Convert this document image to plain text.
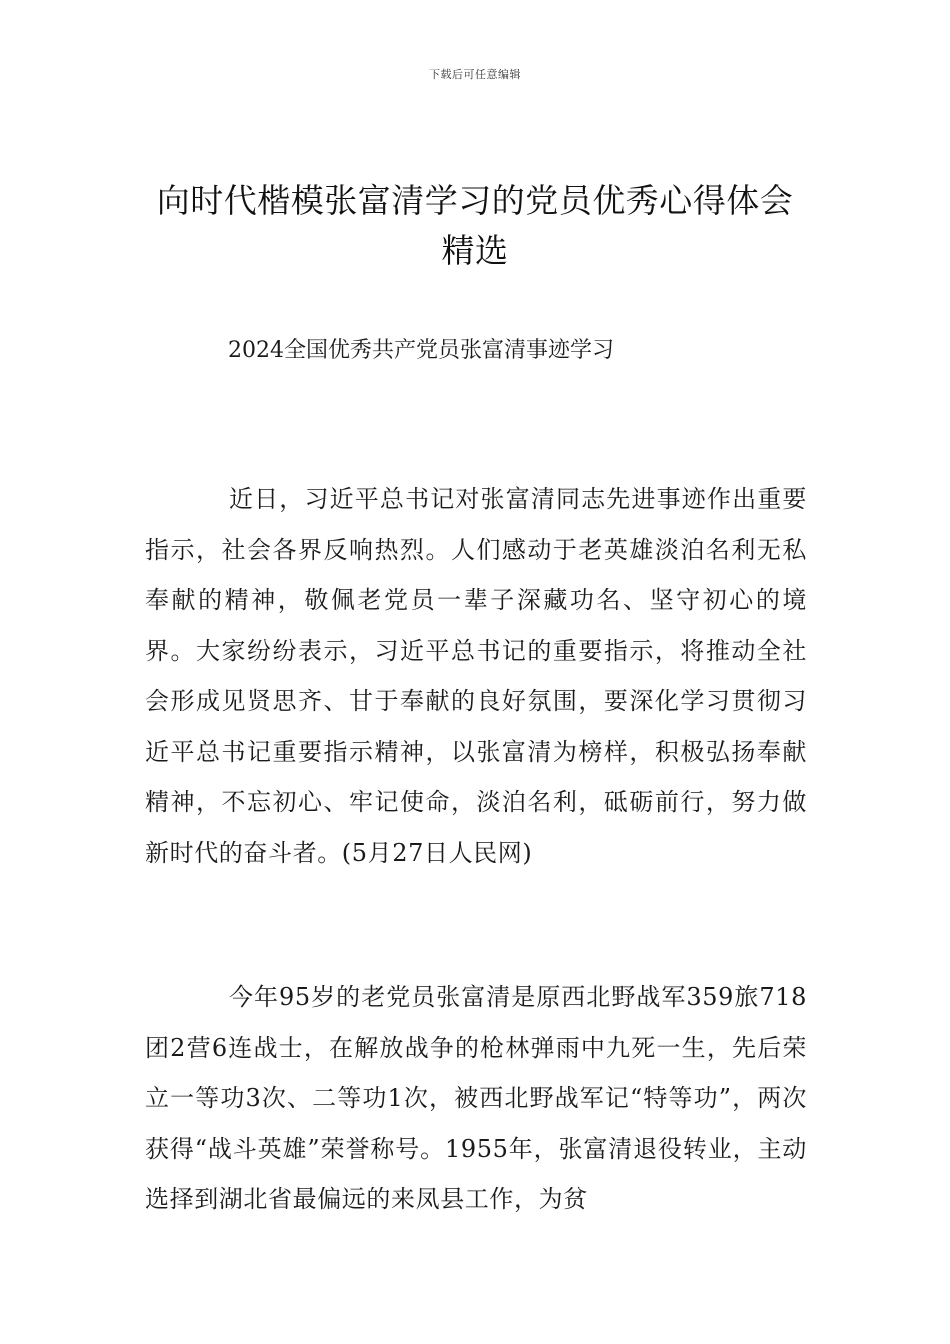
下载后可任意编辑
向时代楷模张富清学习的党员优秀心得体会精选
2024全国优秀共产党员张富清事迹学习

近日，习近平总书记对张富清同志先进事迹作出重要指示，社会各界反响热烈。人们感动于老英雄淡泊名利无私奉献的精神，敬佩老党员一辈子深藏功名、坚守初心的境界。大家纷纷表示，习近平总书记的重要指示，将推动全社会形成见贤思齐、甘于奉献的良好氛围，要深化学习贯彻习近平总书记重要指示精神，以张富清为榜样，积极弘扬奉献精神，不忘初心、牢记使命，淡泊名利，砥砺前行，努力做新时代的奋斗者。(5月27日人民网)

今年95岁的老党员张富清是原西北野战军359旅718团2营6连战士，在解放战争的枪林弹雨中九死一生，先后荣立一等功3次、二等功1次，被西北野战军记“特等功”，两次获得“战斗英雄”荣誉称号。1955年，张富清退役转业，主动选择到湖北省最偏远的来凤县工作，为贫
